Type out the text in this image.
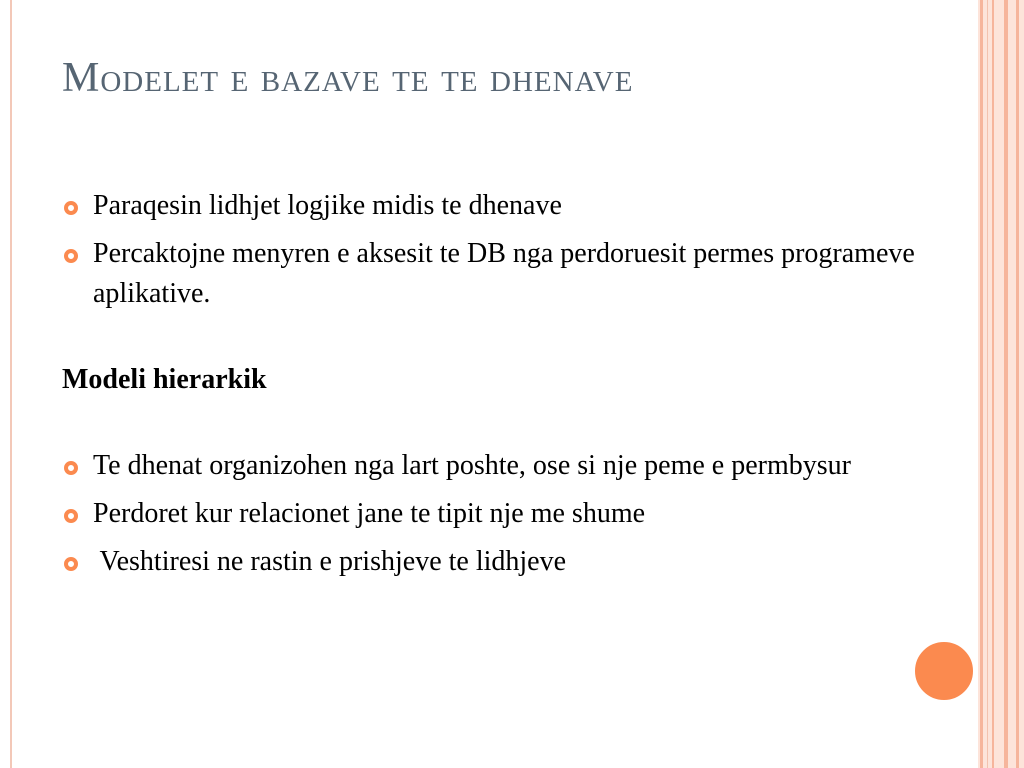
Modelet e bazave te te dhenave

Paraqesin lidhjet logjike midis te dhenave

Percaktojne menyren e aksesit te DB nga perdoruesit permes programeve aplikative.

Modeli hierarkik

Te dhenat organizohen nga lart poshte, ose si nje peme e permbysur

Perdoret kur relacionet jane te tipit nje me shume

Veshtiresi ne rastin e prishjeve te lidhjeve
